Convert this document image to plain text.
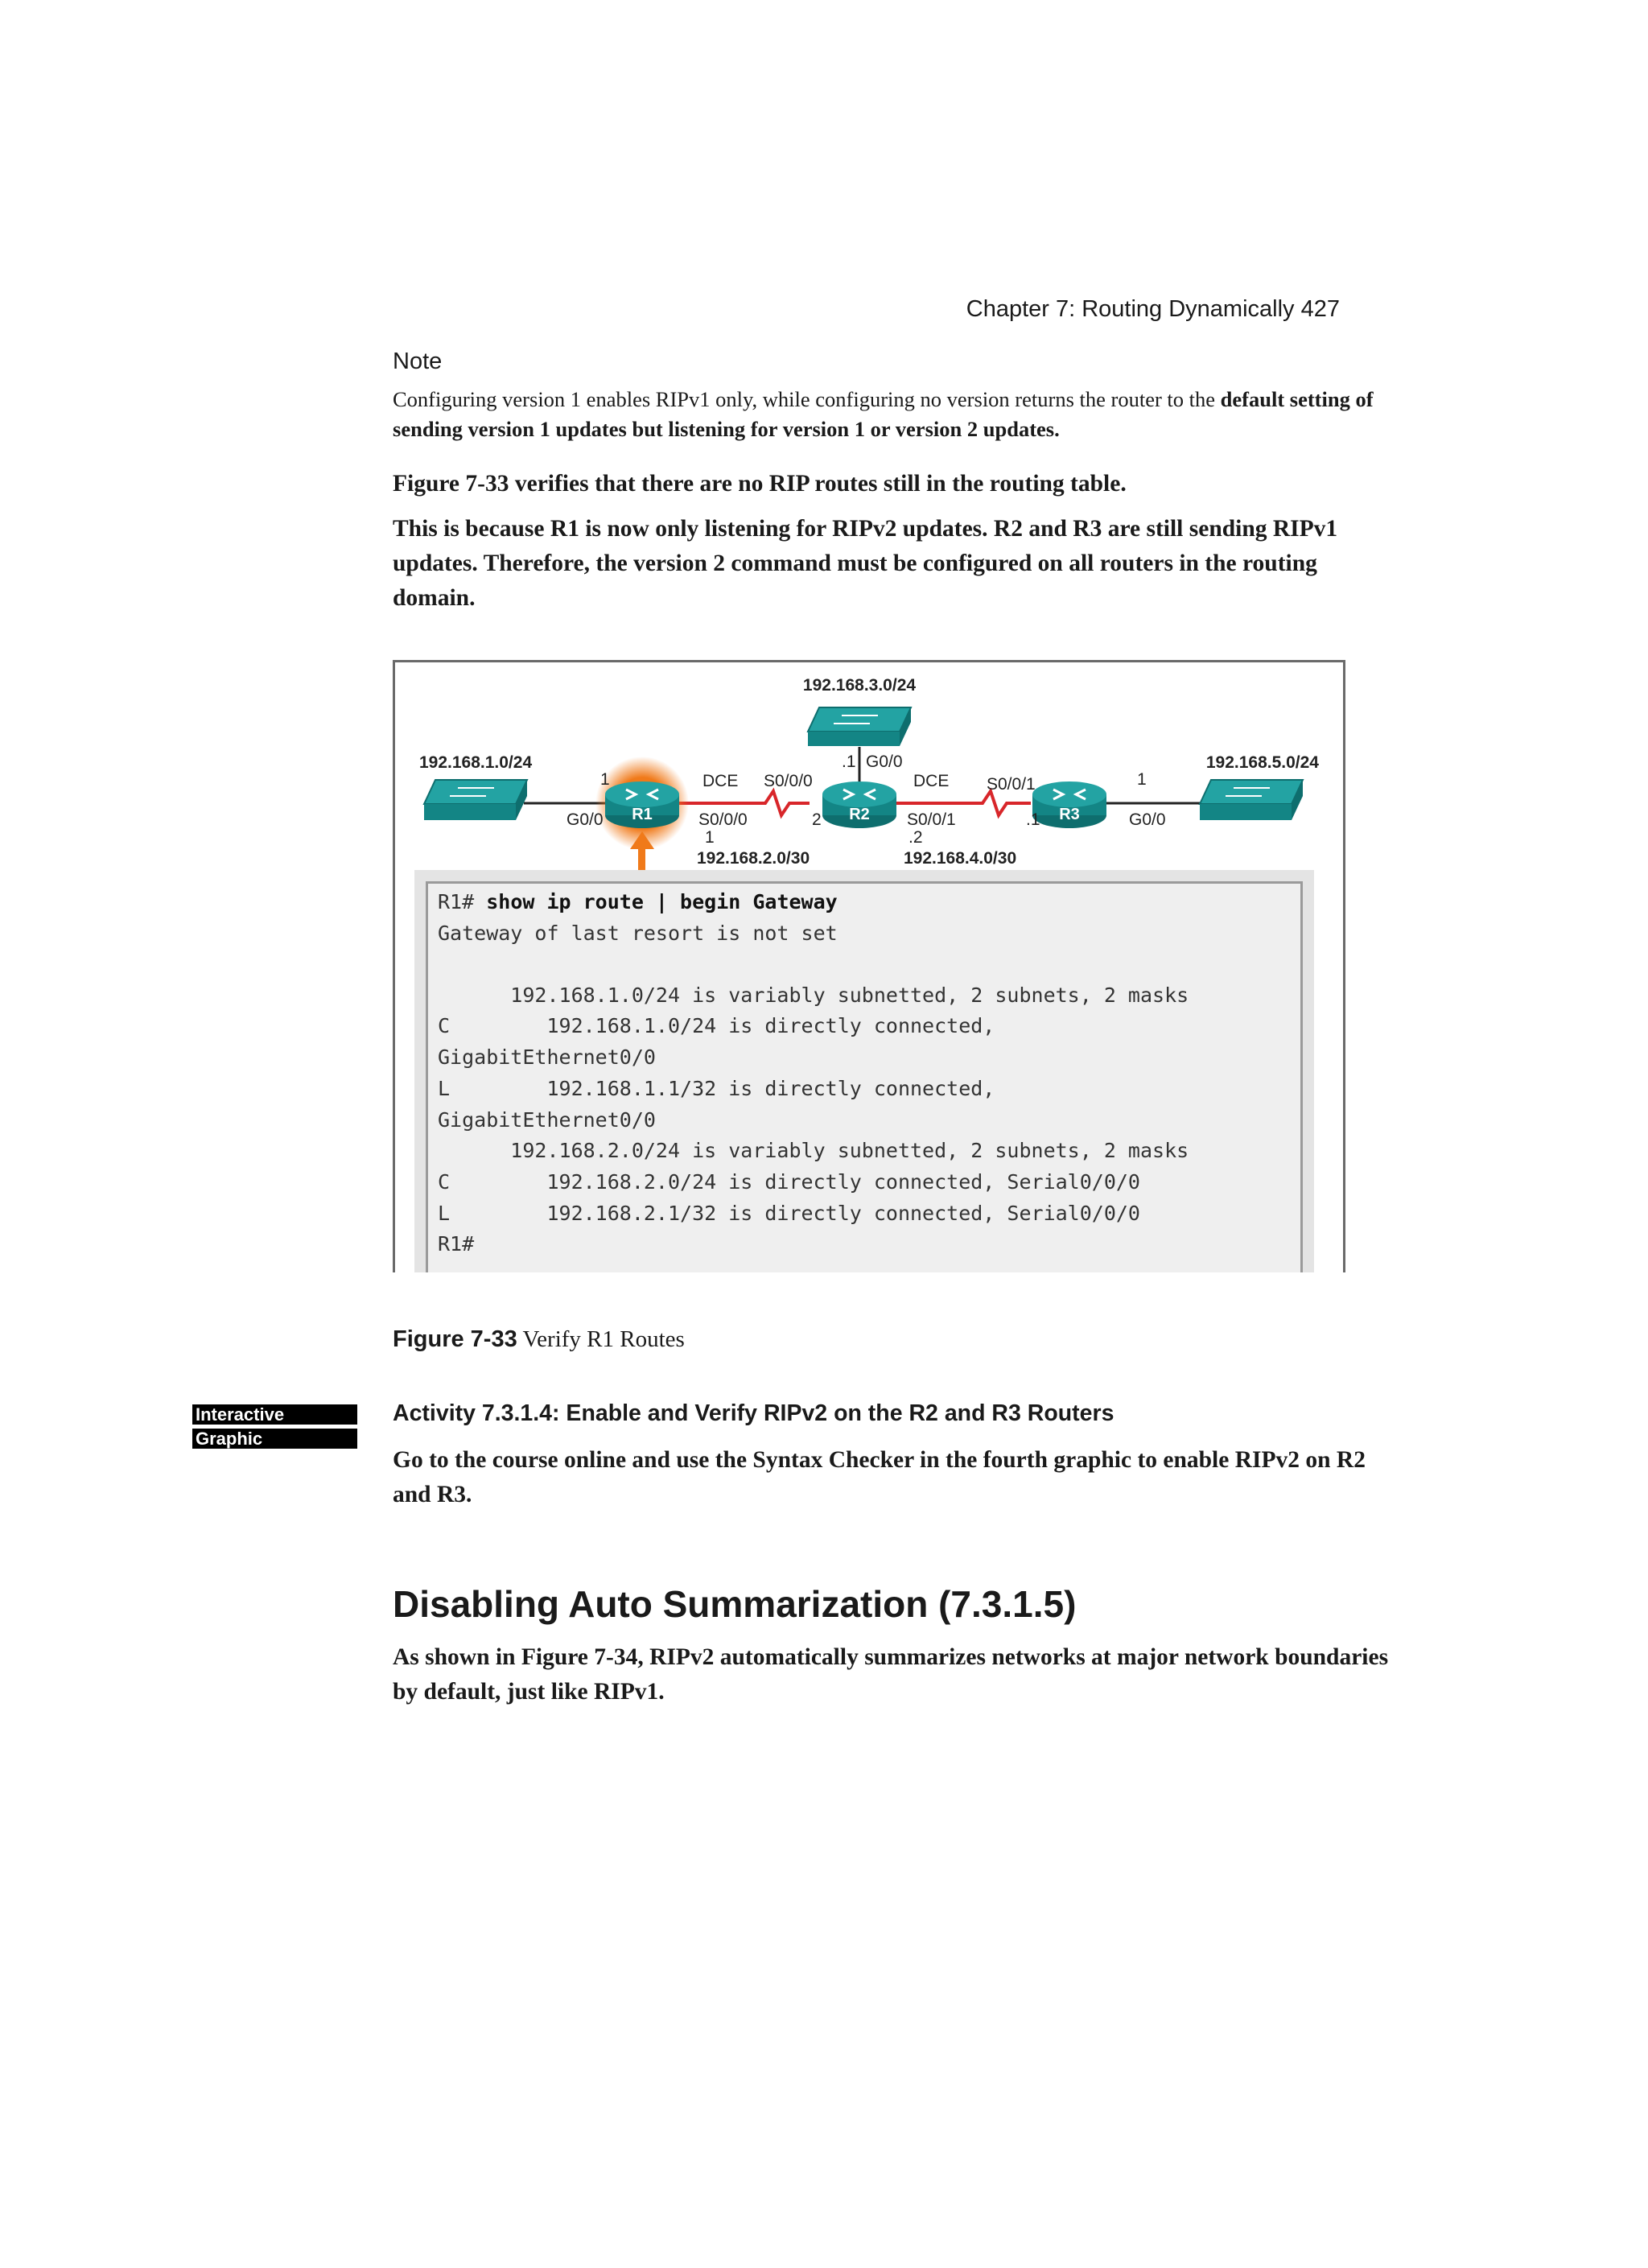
Chapter 7: Routing Dynamically 427
Note
Configuring version 1 enables RIPv1 only, while configuring no version returns the router to the default setting of sending version 1 updates but listening for version 1 or version 2 updates.
Figure 7-33 verifies that there are no RIP routes still in the routing table.
This is because R1 is now only listening for RIPv2 updates. R2 and R3 are still sending RIPv1 updates. Therefore, the version 2 command must be configured on all routers in the routing domain.
R1	R2	R3
192.168.3.0/24
192.168.1.0/24	192.168.5.0/24
G0/0
1	DCE
S0/0/0
1
.1 G0/0
S0/0/0
2
DCE
S0/0/1
.2
S0/0/1
.1
1
G0/0
192.168.2.0/30	192.168.4.0/30
R1# show ip route | begin Gateway
Gateway of last resort is not set
192.168.1.0/24 is variably subnetted, 2 subnets, 2 masks
C        192.168.1.0/24 is directly connected,
GigabitEthernet0/0
L        192.168.1.1/32 is directly connected,
GigabitEthernet0/0
192.168.2.0/24 is variably subnetted, 2 subnets, 2 masks
C        192.168.2.0/24 is directly connected, Serial0/0/0
L        192.168.2.1/32 is directly connected, Serial0/0/0
R1#
Figure 7-33 Verify R1 Routes
Interactive
Graphic
Activity 7.3.1.4: Enable and Verify RIPv2 on the R2 and R3 Routers
Go to the course online and use the Syntax Checker in the fourth graphic to enable RIPv2 on R2 and R3.
Disabling Auto Summarization (7.3.1.5)
As shown in Figure 7-34, RIPv2 automatically summarizes networks at major network boundaries by default, just like RIPv1.
